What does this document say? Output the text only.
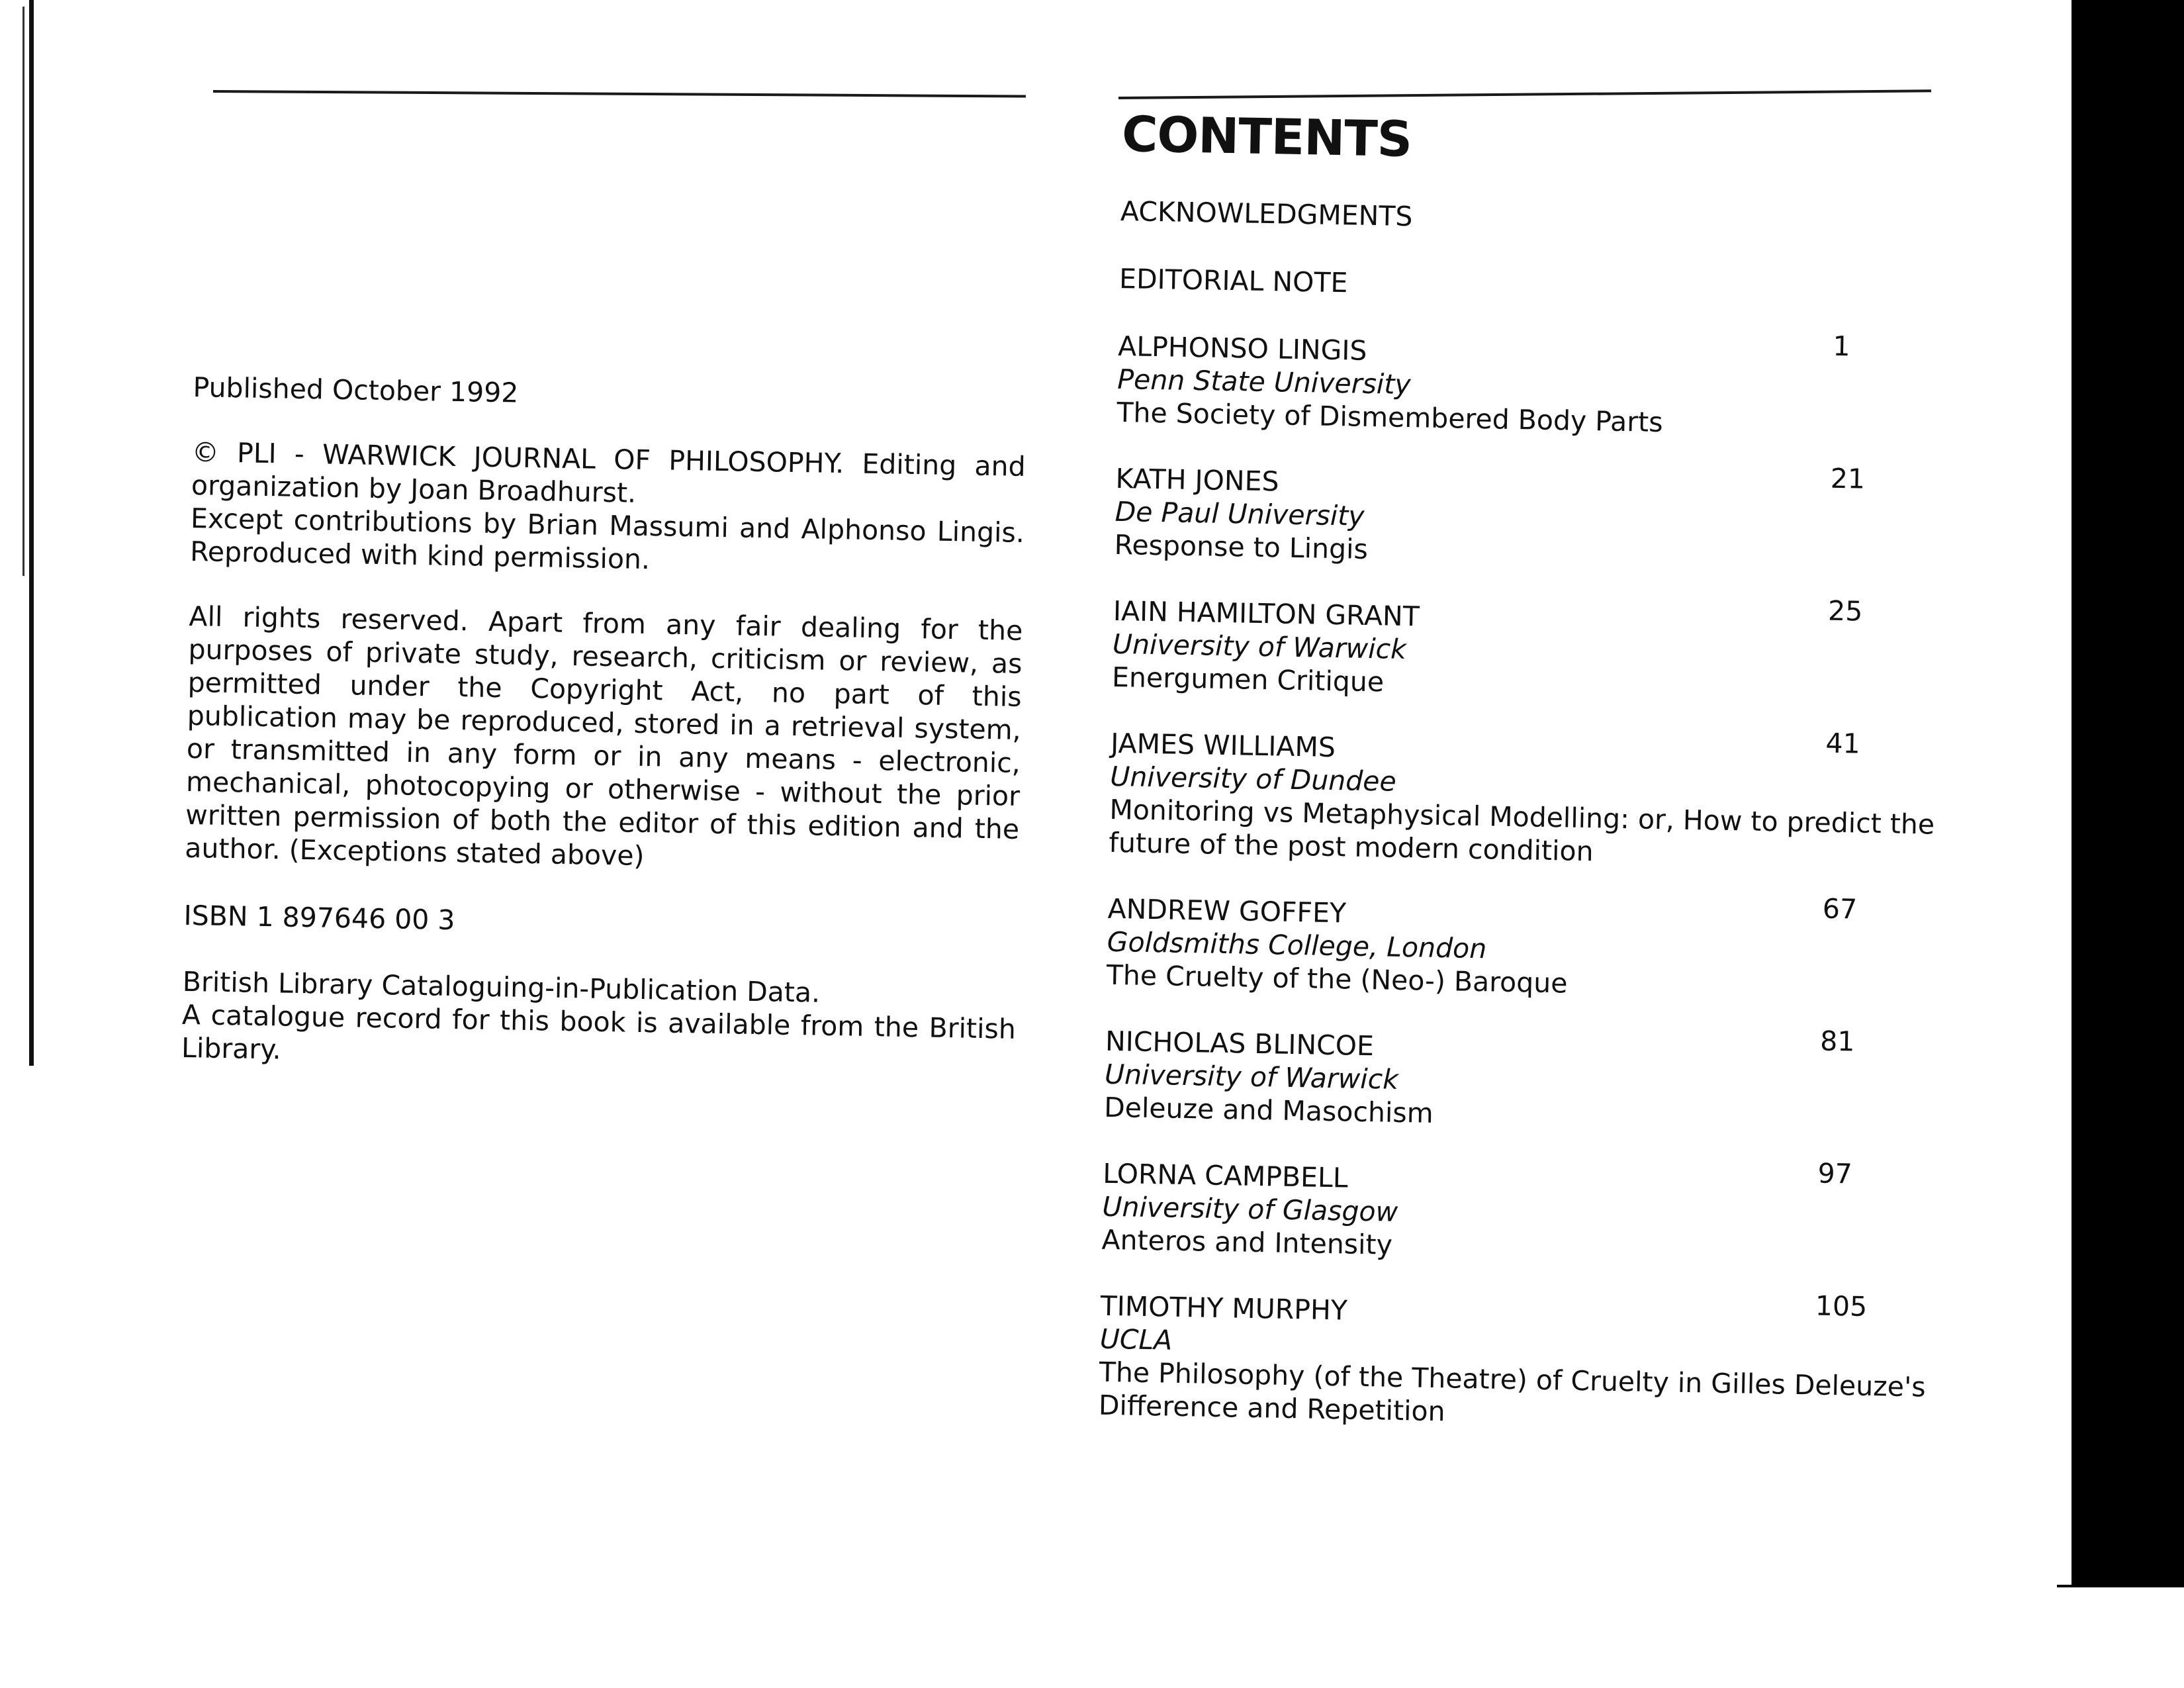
Published October 1992

© PLI - WARWICK JOURNAL OF PHILOSOPHY. Editing and organization by Joan Broadhurst.

Except contributions by Brian Massumi and Alphonso Lingis. Reproduced with kind permission.

All rights reserved. Apart from any fair dealing for the purposes of private study, research, criticism or review, as permitted under the Copyright Act, no part of this publication may be reproduced, stored in a retrieval system, or transmitted in any form or in any means - electronic, mechanical, photocopying or otherwise - without the prior written permission of both the editor of this edition and the author. (Exceptions stated above)

ISBN 1 897646 00 3

British Library Cataloguing-in-Publication Data.

A catalogue record for this book is available from the British Library.

CONTENTS
ACKNOWLEDGMENTS
EDITORIAL NOTE
ALPHONSO LINGIS
Penn State University
The Society of Dismembered Body Parts
1
KATH JONES
De Paul University
Response to Lingis
21
IAIN HAMILTON GRANT
University of Warwick
Energumen Critique
25
JAMES WILLIAMS
University of Dundee
Monitoring vs Metaphysical Modelling: or, How to predict the future of the post modern condition
41
ANDREW GOFFEY
Goldsmiths College, London
The Cruelty of the (Neo-) Baroque
67
NICHOLAS BLINCOE
University of Warwick
Deleuze and Masochism
81
LORNA CAMPBELL
University of Glasgow
Anteros and Intensity
97
TIMOTHY MURPHY
UCLA
The Philosophy (of the Theatre) of Cruelty in Gilles Deleuze's Difference and Repetition
105
